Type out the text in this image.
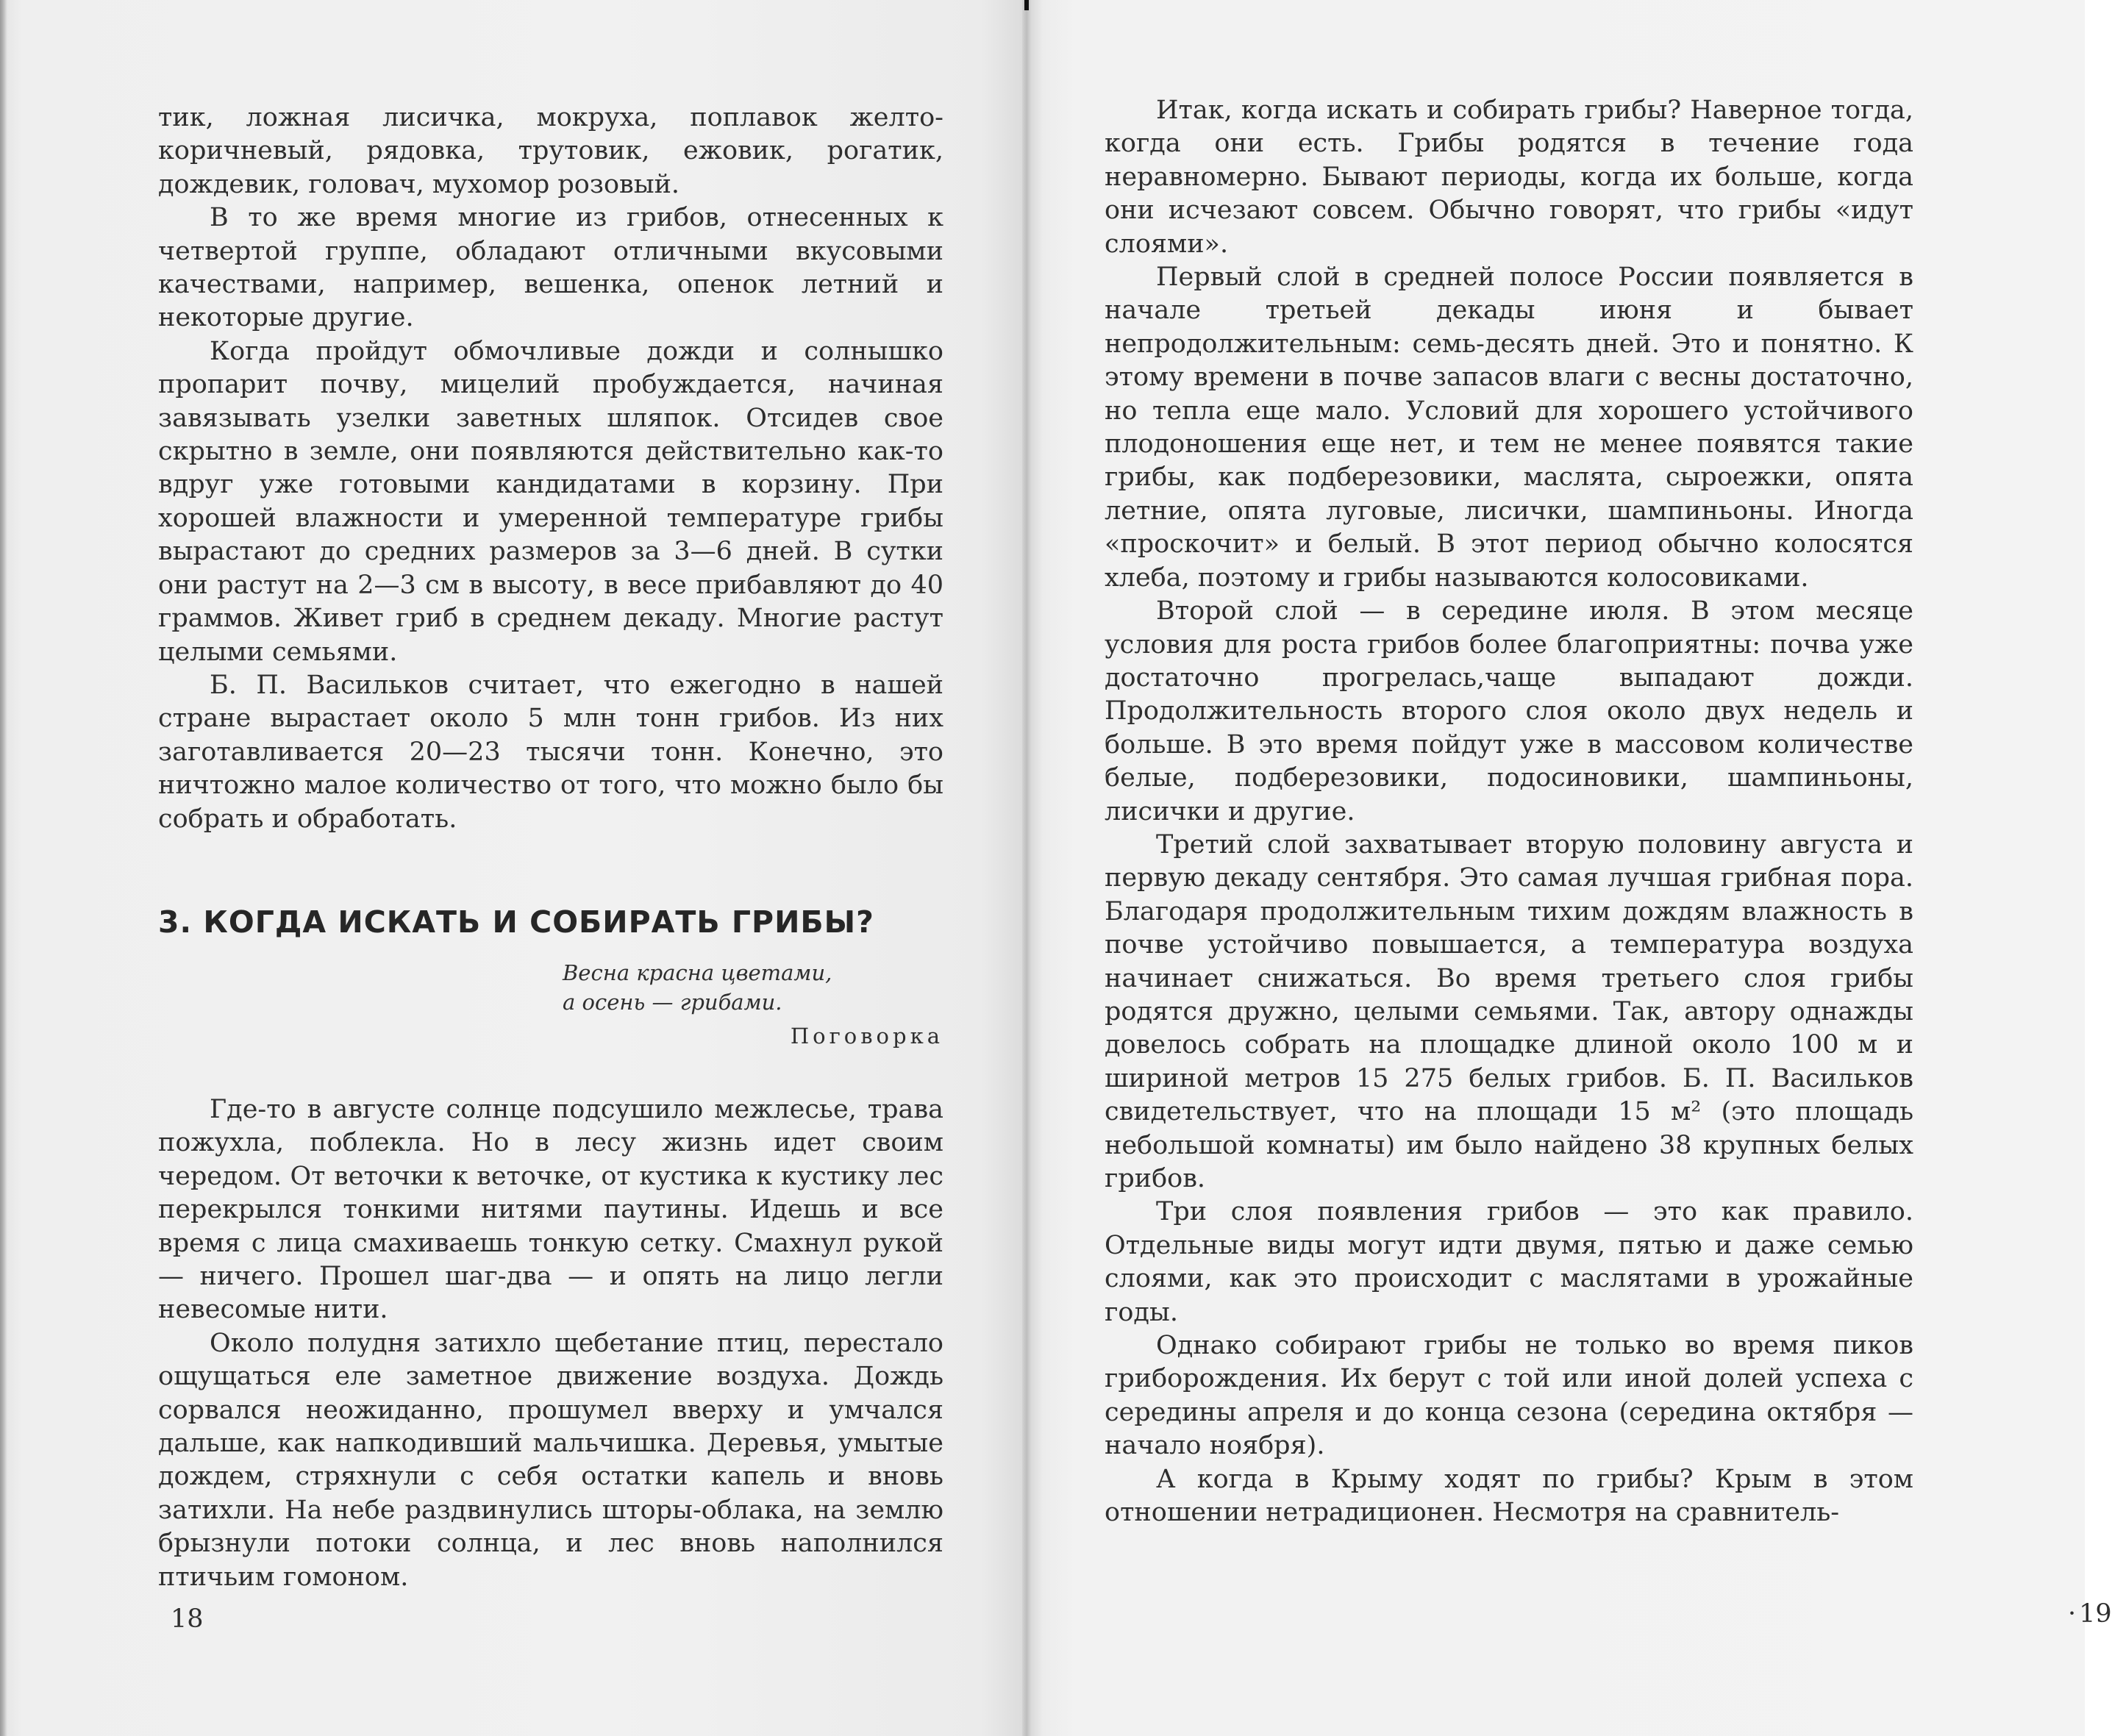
тик, ложная лисичка, мокруха, поплавок желто-коричневый, рядовка, трутовик, ежовик, рогатик, дождевик, головач, мухомор розовый.

В то же время многие из грибов, отнесенных к четвертой группе, обладают отличными вкусовыми качествами, например, вешенка, опенок летний и некоторые другие.

Когда пройдут обмочливые дожди и солнышко пропарит почву, мицелий пробуждается, начиная завязывать узелки заветных шляпок. Отсидев свое скрытно в земле, они появляются действительно как-то вдруг уже готовыми кандидатами в корзину. При хорошей влажности и умеренной температуре грибы вырастают до средних размеров за 3—6 дней. В сутки они растут на 2—3 см в высоту, в весе прибавляют до 40 граммов. Живет гриб в среднем декаду. Многие растут целыми семьями.

Б. П. Васильков считает, что ежегодно в нашей стране вырастает около 5 млн тонн грибов. Из них заготавливается 20—23 тысячи тонн. Конечно, это ничтожно малое количество от того, что можно было бы собрать и обработать.

3. КОГДА ИСКАТЬ И СОБИРАТЬ ГРИБЫ?
Весна красна цветами,
а осень — грибами.
Поговорка

Где-то в августе солнце подсушило межлесье, трава пожухла, поблекла. Но в лесу жизнь идет своим чередом. От веточки к веточке, от кустика к кустику лес перекрылся тонкими нитями паутины. Идешь и все время с лица смахиваешь тонкую сетку. Смахнул рукой — ничего. Прошел шаг-два — и опять на лицо легли невесомые нити.

Около полудня затихло щебетание птиц, перестало ощущаться еле заметное движение воздуха. Дождь сорвался неожиданно, прошумел вверху и умчался дальше, как напкодивший мальчишка. Деревья, умытые дождем, стряхнули с себя остатки капель и вновь затихли. На небе раздвинулись шторы-облака, на землю брызнули потоки солнца, и лес вновь наполнился птичьим гомоном.

18

Итак, когда искать и собирать грибы? Наверное тогда, когда они есть. Грибы родятся в течение года неравномерно. Бывают периоды, когда их больше, когда они исчезают совсем. Обычно говорят, что грибы «идут слоями».

Первый слой в средней полосе России появляется в начале третьей декады июня и бывает непродолжительным: семь-десять дней. Это и понятно. К этому времени в почве запасов влаги с весны достаточно, но тепла еще мало. Условий для хорошего устойчивого плодоношения еще нет, и тем не менее появятся такие грибы, как подберезовики, маслята, сыроежки, опята летние, опята луговые, лисички, шампиньоны. Иногда «проскочит» и белый. В этот период обычно колосятся хлеба, поэтому и грибы называются колосовиками.

Второй слой — в середине июля. В этом месяце условия для роста грибов более благоприятны: почва уже достаточно прогрелась,чаще выпадают дожди. Продолжительность второго слоя около двух недель и больше. В это время пойдут уже в массовом количестве белые, подберезовики, подосиновики, шампиньоны, лисички и другие.

Третий слой захватывает вторую половину августа и первую декаду сентября. Это самая лучшая грибная пора. Благодаря продолжительным тихим дождям влажность в почве устойчиво повышается, а температура воздуха начинает снижаться. Во время третьего слоя грибы родятся дружно, целыми семьями. Так, автору однажды довелось собрать на площадке длиной около 100 м и шириной метров 15 275 белых грибов. Б. П. Васильков свидетельствует, что на площади 15 м² (это площадь небольшой комнаты) им было найдено 38 крупных белых грибов.

Три слоя появления грибов — это как правило. Отдельные виды могут идти двумя, пятью и даже семью слоями, как это происходит с маслятами в урожайные годы.

Однако собирают грибы не только во время пиков гриборождения. Их берут с той или иной долей успеха с середины апреля и до конца сезона (середина октября — начало ноября).

А когда в Крыму ходят по грибы? Крым в этом отношении нетрадиционен. Несмотря на сравнитель-

· 19
